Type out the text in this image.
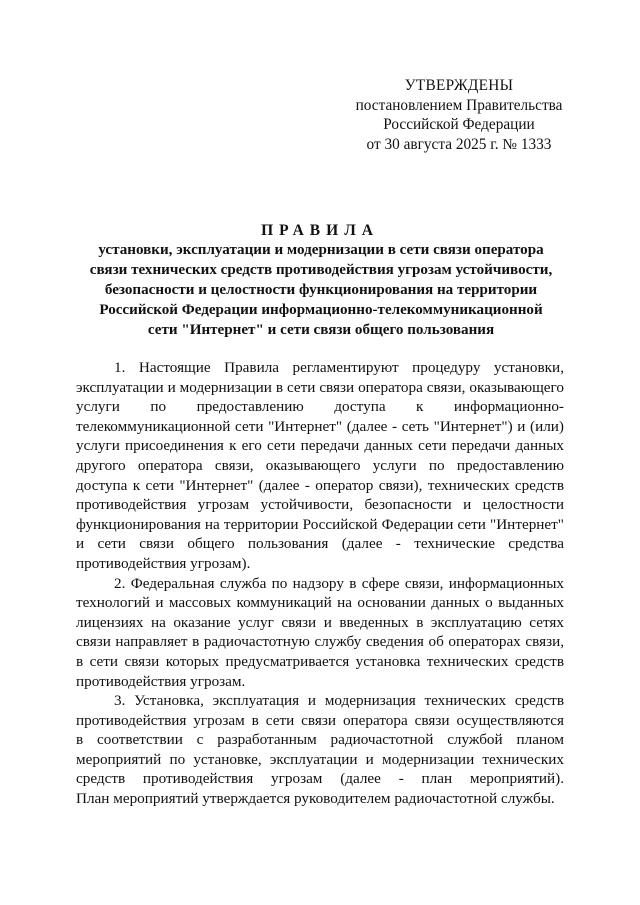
УТВЕРЖДЕНЫ
постановлением Правительства
Российской Федерации
от 30 августа 2025 г. № 1333
ПРАВИЛА
установки, эксплуатации и модернизации в сети связи оператора
связи технических средств противодействия угрозам устойчивости,
безопасности и целостности функционирования на территории
Российской Федерации информационно-телекоммуникационной
сети "Интернет" и сети связи общего пользования
1. Настоящие Правила регламентируют процедуру установки,
эксплуатации и модернизации в сети связи оператора связи, оказывающего
услуги по предоставлению доступа к информационно-
телекоммуникационной сети "Интернет" (далее - сеть "Интернет") и (или)
услуги присоединения к его сети передачи данных сети передачи данных
другого оператора связи, оказывающего услуги по предоставлению
доступа к сети "Интернет" (далее - оператор связи), технических средств
противодействия угрозам устойчивости, безопасности и целостности
функционирования на территории Российской Федерации сети "Интернет"
и сети связи общего пользования (далее - технические средства
противодействия угрозам).
2. Федеральная служба по надзору в сфере связи, информационных
технологий и массовых коммуникаций на основании данных о выданных
лицензиях на оказание услуг связи и введенных в эксплуатацию сетях
связи направляет в радиочастотную службу сведения об операторах связи,
в сети связи которых предусматривается установка технических средств
противодействия угрозам.
3. Установка, эксплуатация и модернизация технических средств
противодействия угрозам в сети связи оператора связи осуществляются
в соответствии с разработанным радиочастотной службой планом
мероприятий по установке, эксплуатации и модернизации технических
средств противодействия угрозам (далее - план мероприятий).
План мероприятий утверждается руководителем радиочастотной службы.
